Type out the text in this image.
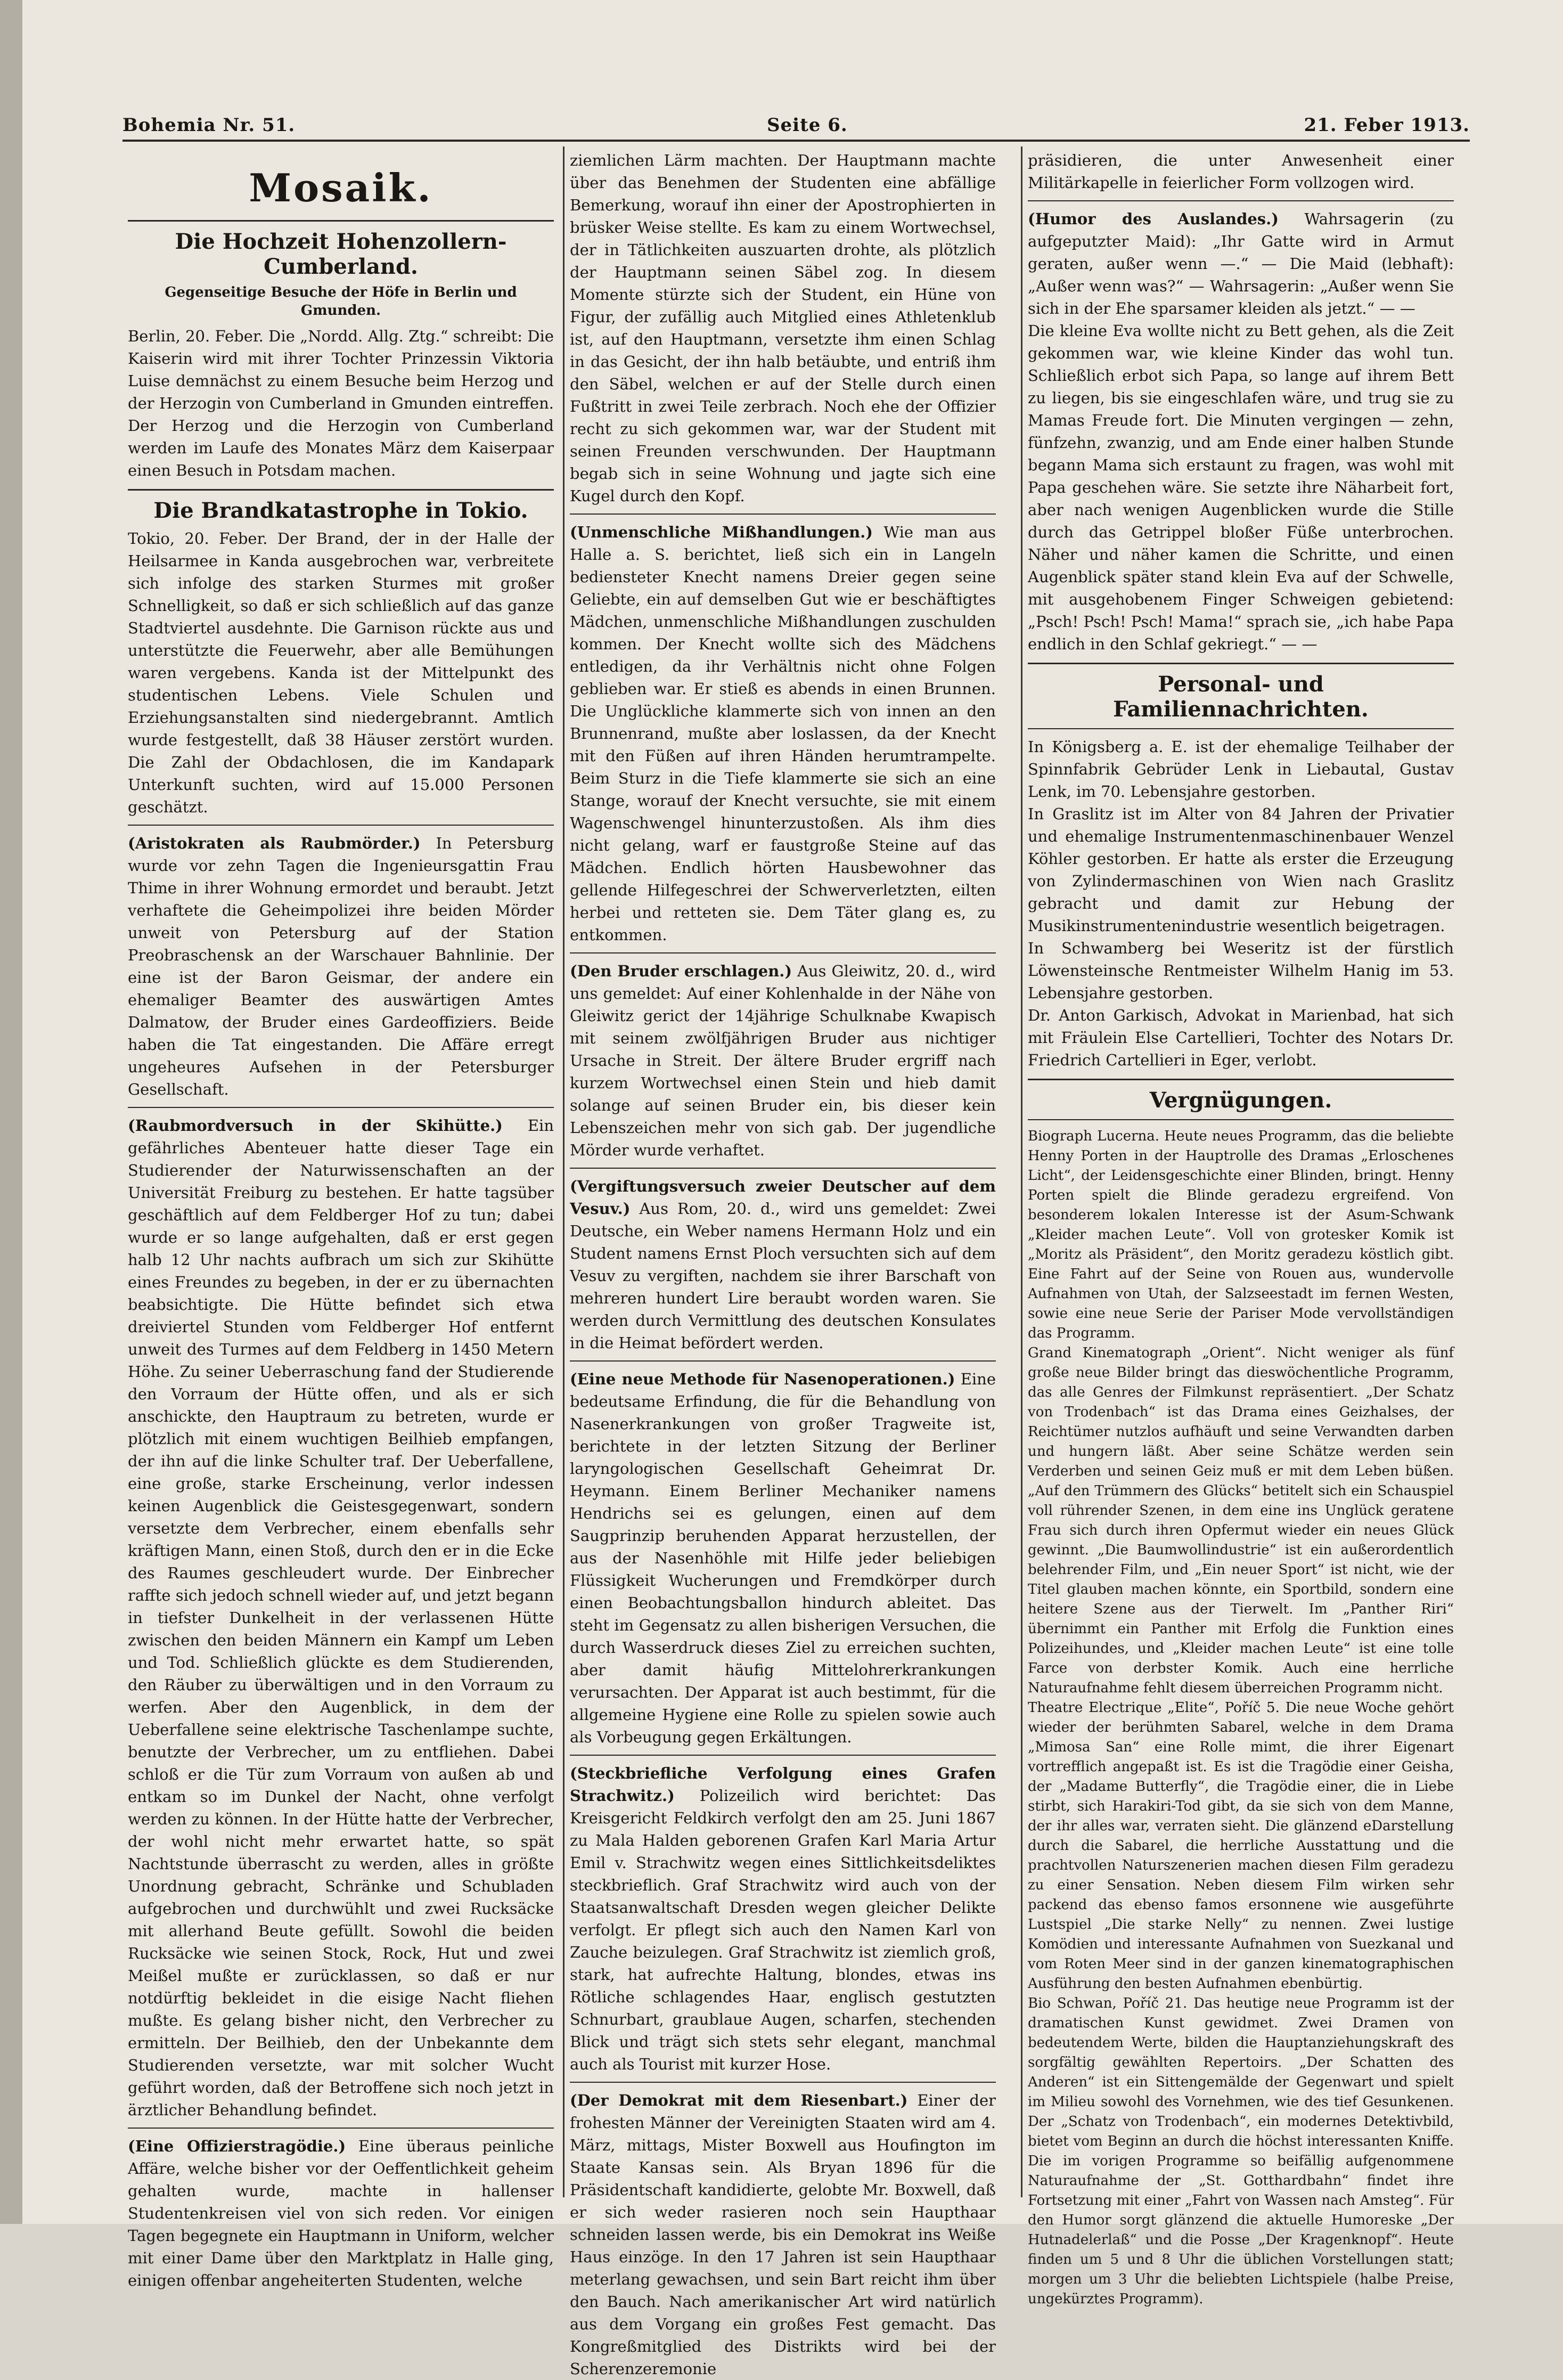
Bohemia Nr. 51.	Seite 6.	21. Feber 1913.
Mosaik.
Die Hochzeit Hohenzollern-Cumberland.
Gegenseitige Besuche der Höfe in Berlin und Gmunden.

Berlin, 20. Feber. Die „Nordd. Allg. Ztg.“ schreibt: Die Kaiserin wird mit ihrer Tochter Prinzessin Viktoria Luise demnächst zu einem Besuche beim Herzog und der Herzogin von Cumberland in Gmunden eintreffen. Der Herzog und die Herzogin von Cumberland werden im Laufe des Monates März dem Kaiserpaar einen Besuch in Potsdam machen.

Die Brandkatastrophe in Tokio.

Tokio, 20. Feber. Der Brand, der in der Halle der Heilsarmee in Kanda ausgebrochen war, verbreitete sich infolge des starken Sturmes mit großer Schnelligkeit, so daß er sich schließlich auf das ganze Stadtviertel ausdehnte. Die Garnison rückte aus und unterstützte die Feuerwehr, aber alle Bemühungen waren vergebens. Kanda ist der Mittelpunkt des studentischen Lebens. Viele Schulen und Erziehungsanstalten sind niedergebrannt. Amtlich wurde festgestellt, daß 38 Häuser zerstört wurden. Die Zahl der Obdachlosen, die im Kandapark Unterkunft suchten, wird auf 15.000 Personen geschätzt.

(Aristokraten als Raubmörder.) In Petersburg wurde vor zehn Tagen die Ingenieursgattin Frau Thime in ihrer Wohnung ermordet und beraubt. Jetzt verhaftete die Geheimpolizei ihre beiden Mörder unweit von Petersburg auf der Station Preobraschensk an der Warschauer Bahnlinie. Der eine ist der Baron Geismar, der andere ein ehemaliger Beamter des auswärtigen Amtes Dalmatow, der Bruder eines Gardeoffiziers. Beide haben die Tat eingestanden. Die Affäre erregt ungeheures Aufsehen in der Petersburger Gesellschaft.

(Raubmordversuch in der Skihütte.) Ein gefährliches Abenteuer hatte dieser Tage ein Studierender der Naturwissenschaften an der Universität Freiburg zu bestehen. Er hatte tagsüber geschäftlich auf dem Feldberger Hof zu tun; dabei wurde er so lange aufgehalten, daß er erst gegen halb 12 Uhr nachts aufbrach um sich zur Skihütte eines Freundes zu begeben, in der er zu übernachten beabsichtigte. Die Hütte befindet sich etwa dreiviertel Stunden vom Feldberger Hof entfernt unweit des Turmes auf dem Feldberg in 1450 Metern Höhe. Zu seiner Ueberraschung fand der Studierende den Vorraum der Hütte offen, und als er sich anschickte, den Hauptraum zu betreten, wurde er plötzlich mit einem wuchtigen Beilhieb empfangen, der ihn auf die linke Schulter traf. Der Ueberfallene, eine große, starke Erscheinung, verlor indessen keinen Augenblick die Geistesgegenwart, sondern versetzte dem Verbrecher, einem ebenfalls sehr kräftigen Mann, einen Stoß, durch den er in die Ecke des Raumes geschleudert wurde. Der Einbrecher raffte sich jedoch schnell wieder auf, und jetzt begann in tiefster Dunkelheit in der verlassenen Hütte zwischen den beiden Männern ein Kampf um Leben und Tod. Schließlich glückte es dem Studierenden, den Räuber zu überwältigen und in den Vorraum zu werfen. Aber den Augenblick, in dem der Ueberfallene seine elektrische Taschenlampe suchte, benutzte der Verbrecher, um zu entfliehen. Dabei schloß er die Tür zum Vorraum von außen ab und entkam so im Dunkel der Nacht, ohne verfolgt werden zu können. In der Hütte hatte der Verbrecher, der wohl nicht mehr erwartet hatte, so spät Nachtstunde überrascht zu werden, alles in größte Unordnung gebracht, Schränke und Schubladen aufgebrochen und durchwühlt und zwei Rucksäcke mit allerhand Beute gefüllt. Sowohl die beiden Rucksäcke wie seinen Stock, Rock, Hut und zwei Meißel mußte er zurücklassen, so daß er nur notdürftig bekleidet in die eisige Nacht fliehen mußte. Es gelang bisher nicht, den Verbrecher zu ermitteln. Der Beilhieb, den der Unbekannte dem Studierenden versetzte, war mit solcher Wucht geführt worden, daß der Betroffene sich noch jetzt in ärztlicher Behandlung befindet.

(Eine Offizierstragödie.) Eine überaus peinliche Affäre, welche bisher vor der Oeffentlichkeit geheim gehalten wurde, machte in hallenser Studentenkreisen viel von sich reden. Vor einigen Tagen begegnete ein Hauptmann in Uniform, welcher mit einer Dame über den Marktplatz in Halle ging, einigen offenbar angeheiterten Studenten, welche

ziemlichen Lärm machten. Der Hauptmann machte über das Benehmen der Studenten eine abfällige Bemerkung, worauf ihn einer der Apostrophierten in brüsker Weise stellte. Es kam zu einem Wortwechsel, der in Tätlichkeiten auszuarten drohte, als plötzlich der Hauptmann seinen Säbel zog. In diesem Momente stürzte sich der Student, ein Hüne von Figur, der zufällig auch Mitglied eines Athletenklub ist, auf den Hauptmann, versetzte ihm einen Schlag in das Gesicht, der ihn halb betäubte, und entriß ihm den Säbel, welchen er auf der Stelle durch einen Fußtritt in zwei Teile zerbrach. Noch ehe der Offizier recht zu sich gekommen war, war der Student mit seinen Freunden verschwunden. Der Hauptmann begab sich in seine Wohnung und jagte sich eine Kugel durch den Kopf.

(Unmenschliche Mißhandlungen.) Wie man aus Halle a. S. berichtet, ließ sich ein in Langeln bediensteter Knecht namens Dreier gegen seine Geliebte, ein auf demselben Gut wie er beschäftigtes Mädchen, unmenschliche Mißhandlungen zuschulden kommen. Der Knecht wollte sich des Mädchens entledigen, da ihr Verhältnis nicht ohne Folgen geblieben war. Er stieß es abends in einen Brunnen. Die Unglückliche klammerte sich von innen an den Brunnenrand, mußte aber loslassen, da der Knecht mit den Füßen auf ihren Händen herumtrampelte. Beim Sturz in die Tiefe klammerte sie sich an eine Stange, worauf der Knecht versuchte, sie mit einem Wagenschwengel hinunterzustoßen. Als ihm dies nicht gelang, warf er faustgroße Steine auf das Mädchen. Endlich hörten Hausbewohner das gellende Hilfegeschrei der Schwerverletzten, eilten herbei und retteten sie. Dem Täter glang es, zu entkommen.

(Den Bruder erschlagen.) Aus Gleiwitz, 20. d., wird uns gemeldet: Auf einer Kohlenhalde in der Nähe von Gleiwitz gerict der 14jährige Schulknabe Kwapisch mit seinem zwölfjährigen Bruder aus nichtiger Ursache in Streit. Der ältere Bruder ergriff nach kurzem Wortwechsel einen Stein und hieb damit solange auf seinen Bruder ein, bis dieser kein Lebenszeichen mehr von sich gab. Der jugendliche Mörder wurde verhaftet.

(Vergiftungsversuch zweier Deutscher auf dem Vesuv.) Aus Rom, 20. d., wird uns gemeldet: Zwei Deutsche, ein Weber namens Hermann Holz und ein Student namens Ernst Ploch versuchten sich auf dem Vesuv zu vergiften, nachdem sie ihrer Barschaft von mehreren hundert Lire beraubt worden waren. Sie werden durch Vermittlung des deutschen Konsulates in die Heimat befördert werden.

(Eine neue Methode für Nasenoperationen.) Eine bedeutsame Erfindung, die für die Behandlung von Nasenerkrankungen von großer Tragweite ist, berichtete in der letzten Sitzung der Berliner laryngologischen Gesellschaft Geheimrat Dr. Heymann. Einem Berliner Mechaniker namens Hendrichs sei es gelungen, einen auf dem Saugprinzip beruhenden Apparat herzustellen, der aus der Nasenhöhle mit Hilfe jeder beliebigen Flüssigkeit Wucherungen und Fremdkörper durch einen Beobachtungsballon hindurch ableitet. Das steht im Gegensatz zu allen bisherigen Versuchen, die durch Wasserdruck dieses Ziel zu erreichen suchten, aber damit häufig Mittelohrerkrankungen verursachten. Der Apparat ist auch bestimmt, für die allgemeine Hygiene eine Rolle zu spielen sowie auch als Vorbeugung gegen Erkältungen.

(Steckbriefliche Verfolgung eines Grafen Strachwitz.) Polizeilich wird berichtet: Das Kreisgericht Feldkirch verfolgt den am 25. Juni 1867 zu Mala Halden geborenen Grafen Karl Maria Artur Emil v. Strachwitz wegen eines Sittlichkeitsdeliktes steckbrieflich. Graf Strachwitz wird auch von der Staatsanwaltschaft Dresden wegen gleicher Delikte verfolgt. Er pflegt sich auch den Namen Karl von Zauche beizulegen. Graf Strachwitz ist ziemlich groß, stark, hat aufrechte Haltung, blondes, etwas ins Rötliche schlagendes Haar, englisch gestutzten Schnurbart, graublaue Augen, scharfen, stechenden Blick und trägt sich stets sehr elegant, manchmal auch als Tourist mit kurzer Hose.

(Der Demokrat mit dem Riesenbart.) Einer der frohesten Männer der Vereinigten Staaten wird am 4. März, mittags, Mister Boxwell aus Houfington im Staate Kansas sein. Als Bryan 1896 für die Präsidentschaft kandidierte, gelobte Mr. Boxwell, daß er sich weder rasieren noch sein Haupthaar schneiden lassen werde, bis ein Demokrat ins Weiße Haus einzöge. In den 17 Jahren ist sein Haupthaar meterlang gewachsen, und sein Bart reicht ihm über den Bauch. Nach amerikanischer Art wird natürlich aus dem Vorgang ein großes Fest gemacht. Das Kongreßmitglied des Distrikts wird bei der Scherenzeremonie

präsidieren, die unter Anwesenheit einer Militärkapelle in feierlicher Form vollzogen wird.

(Humor des Auslandes.) Wahrsagerin (zu aufgeputzter Maid): „Ihr Gatte wird in Armut geraten, außer wenn —.“ — Die Maid (lebhaft): „Außer wenn was?“ — Wahrsagerin: „Außer wenn Sie sich in der Ehe sparsamer kleiden als jetzt.“ — —

Die kleine Eva wollte nicht zu Bett gehen, als die Zeit gekommen war, wie kleine Kinder das wohl tun. Schließlich erbot sich Papa, so lange auf ihrem Bett zu liegen, bis sie eingeschlafen wäre, und trug sie zu Mamas Freude fort. Die Minuten vergingen — zehn, fünfzehn, zwanzig, und am Ende einer halben Stunde begann Mama sich erstaunt zu fragen, was wohl mit Papa geschehen wäre. Sie setzte ihre Näharbeit fort, aber nach wenigen Augenblicken wurde die Stille durch das Getrippel bloßer Füße unterbrochen. Näher und näher kamen die Schritte, und einen Augenblick später stand klein Eva auf der Schwelle, mit ausgehobenem Finger Schweigen gebietend: „Psch! Psch! Psch! Mama!“ sprach sie, „ich habe Papa endlich in den Schlaf gekriegt.“ — —

Personal- und Familiennachrichten.

In Königsberg a. E. ist der ehemalige Teilhaber der Spinnfabrik Gebrüder Lenk in Liebautal, Gustav Lenk, im 70. Lebensjahre gestorben.

In Graslitz ist im Alter von 84 Jahren der Privatier und ehemalige Instrumentenmaschinenbauer Wenzel Köhler gestorben. Er hatte als erster die Erzeugung von Zylindermaschinen von Wien nach Graslitz gebracht und damit zur Hebung der Musikinstrumentenindustrie wesentlich beigetragen.

In Schwamberg bei Weseritz ist der fürstlich Löwensteinsche Rentmeister Wilhelm Hanig im 53. Lebensjahre gestorben.

Dr. Anton Garkisch, Advokat in Marienbad, hat sich mit Fräulein Else Cartellieri, Tochter des Notars Dr. Friedrich Cartellieri in Eger, verlobt.

Vergnügungen.

Biograph Lucerna. Heute neues Programm, das die beliebte Henny Porten in der Hauptrolle des Dramas „Erloschenes Licht“, der Leidensgeschichte einer Blinden, bringt. Henny Porten spielt die Blinde geradezu ergreifend. Von besonderem lokalen Interesse ist der Asum-Schwank „Kleider machen Leute“. Voll von grotesker Komik ist „Moritz als Präsident“, den Moritz geradezu köstlich gibt. Eine Fahrt auf der Seine von Rouen aus, wundervolle Aufnahmen von Utah, der Salzseestadt im fernen Westen, sowie eine neue Serie der Pariser Mode vervollständigen das Programm.

Grand Kinematograph „Orient“. Nicht weniger als fünf große neue Bilder bringt das dieswöchentliche Programm, das alle Genres der Filmkunst repräsentiert. „Der Schatz von Trodenbach“ ist das Drama eines Geizhalses, der Reichtümer nutzlos aufhäuft und seine Verwandten darben und hungern läßt. Aber seine Schätze werden sein Verderben und seinen Geiz muß er mit dem Leben büßen. „Auf den Trümmern des Glücks“ betitelt sich ein Schauspiel voll rührender Szenen, in dem eine ins Unglück geratene Frau sich durch ihren Opfermut wieder ein neues Glück gewinnt. „Die Baumwollindustrie“ ist ein außerordentlich belehrender Film, und „Ein neuer Sport“ ist nicht, wie der Titel glauben machen könnte, ein Sportbild, sondern eine heitere Szene aus der Tierwelt. Im „Panther Riri“ übernimmt ein Panther mit Erfolg die Funktion eines Polizeihundes, und „Kleider machen Leute“ ist eine tolle Farce von derbster Komik. Auch eine herrliche Naturaufnahme fehlt diesem überreichen Programm nicht.

Theatre Electrique „Elite“, Poříč 5. Die neue Woche gehört wieder der berühmten Sabarel, welche in dem Drama „Mimosa San“ eine Rolle mimt, die ihrer Eigenart vortrefflich angepaßt ist. Es ist die Tragödie einer Geisha, der „Madame Butterfly“, die Tragödie einer, die in Liebe stirbt, sich Harakiri-Tod gibt, da sie sich von dem Manne, der ihr alles war, verraten sieht. Die glänzend eDarstellung durch die Sabarel, die herrliche Ausstattung und die prachtvollen Naturszenerien machen diesen Film geradezu zu einer Sensation. Neben diesem Film wirken sehr packend das ebenso famos ersonnene wie ausgeführte Lustspiel „Die starke Nelly“ zu nennen. Zwei lustige Komödien und interessante Aufnahmen von Suezkanal und vom Roten Meer sind in der ganzen kinematographischen Ausführung den besten Aufnahmen ebenbürtig.

Bio Schwan, Poříč 21. Das heutige neue Programm ist der dramatischen Kunst gewidmet. Zwei Dramen von bedeutendem Werte, bilden die Hauptanziehungskraft des sorgfältig gewählten Repertoirs. „Der Schatten des Anderen“ ist ein Sittengemälde der Gegenwart und spielt im Milieu sowohl des Vornehmen, wie des tief Gesunkenen. Der „Schatz von Trodenbach“, ein modernes Detektivbild, bietet vom Beginn an durch die höchst interessanten Kniffe. Die im vorigen Programme so beifällig aufgenommene Naturaufnahme der „St. Gotthardbahn“ findet ihre Fortsetzung mit einer „Fahrt von Wassen nach Amsteg“. Für den Humor sorgt glänzend die aktuelle Humoreske „Der Hutnadelerlaß“ und die Posse „Der Kragenknopf“. Heute finden um 5 und 8 Uhr die üblichen Vorstellungen statt; morgen um 3 Uhr die beliebten Lichtspiele (halbe Preise, ungekürztes Programm).
